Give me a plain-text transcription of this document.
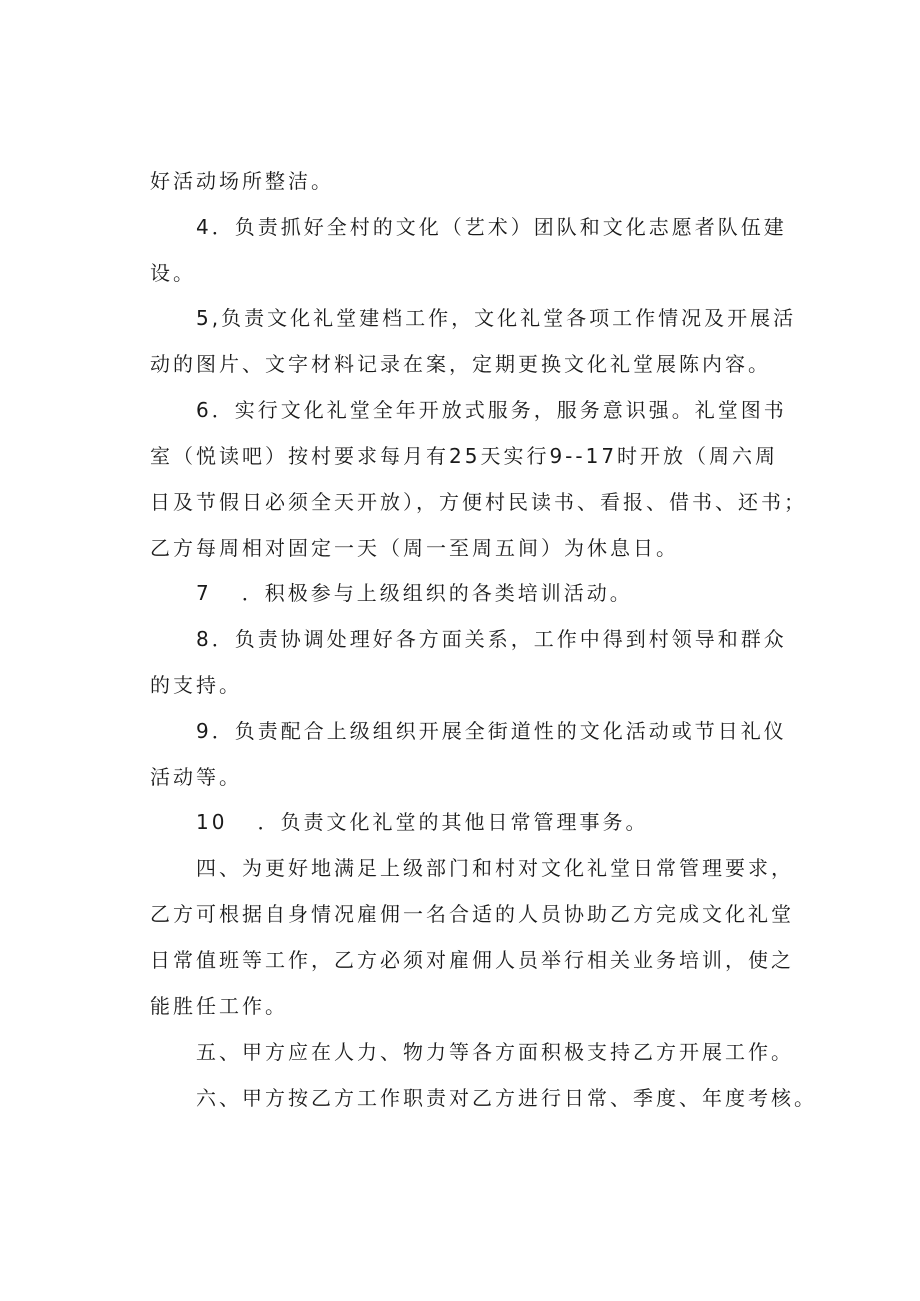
好活动场所整洁。
4．负责抓好全村的文化（艺术）团队和文化志愿者队伍建
设。
5,负责文化礼堂建档工作，文化礼堂各项工作情况及开展活
动的图片、文字材料记录在案，定期更换文化礼堂展陈内容。
6．实行文化礼堂全年开放式服务，服务意识强。礼堂图书
室（悦读吧）按村要求每月有25天实行9--17时开放（周六周
日及节假日必须全天开放），方便村民读书、看报、借书、还书；
乙方每周相对固定一天（周一至周五间）为休息日。
7 ．积极参与上级组织的各类培训活动。
8．负责协调处理好各方面关系，工作中得到村领导和群众
的支持。
9．负责配合上级组织开展全街道性的文化活动或节日礼仪
活动等。
10 ．负责文化礼堂的其他日常管理事务。
四、为更好地满足上级部门和村对文化礼堂日常管理要求，
乙方可根据自身情况雇佣一名合适的人员协助乙方完成文化礼堂
日常值班等工作，乙方必须对雇佣人员举行相关业务培训，使之
能胜任工作。
五、甲方应在人力、物力等各方面积极支持乙方开展工作。
六、甲方按乙方工作职责对乙方进行日常、季度、年度考核。
